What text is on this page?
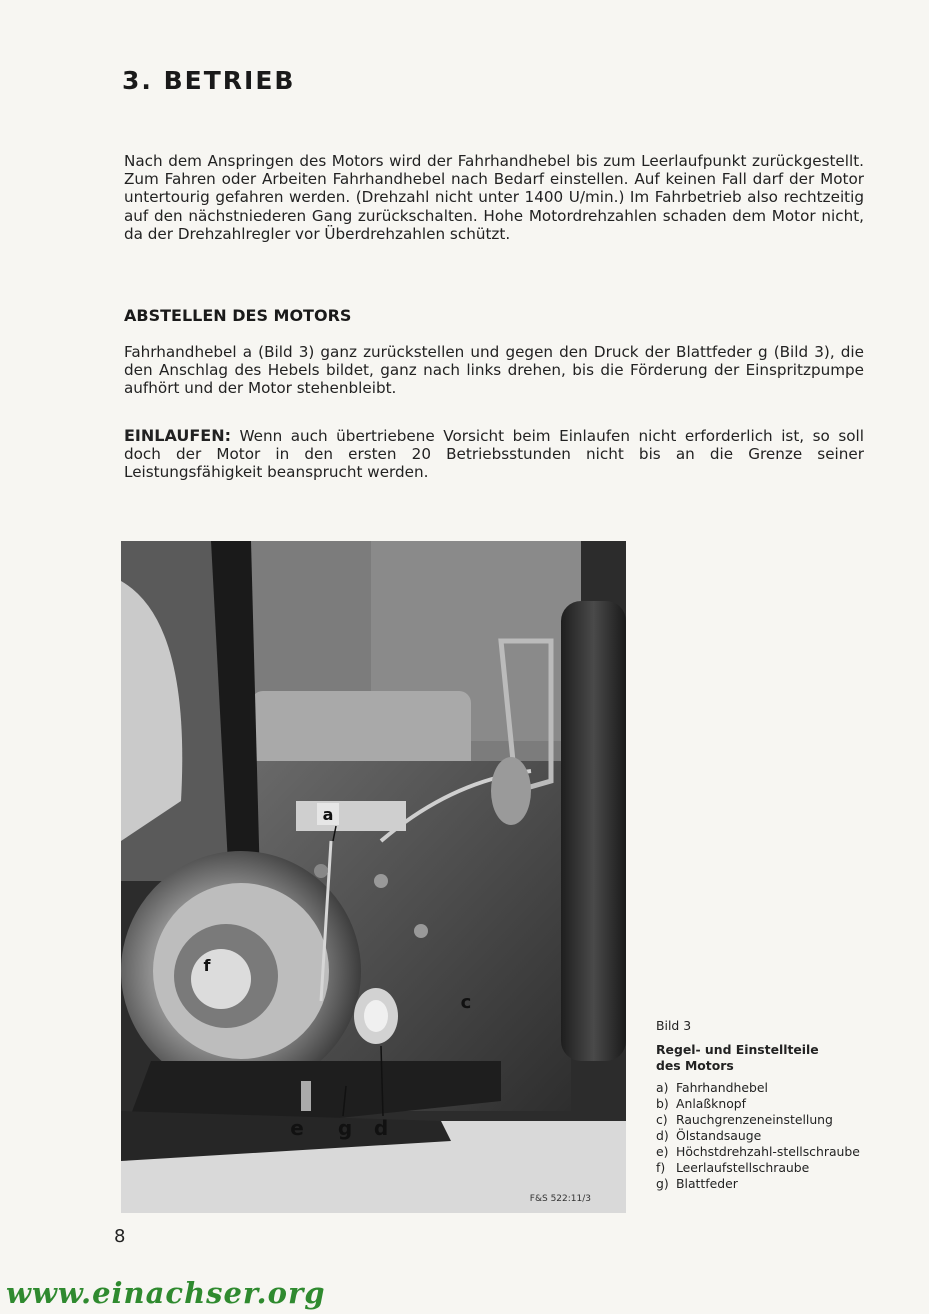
3. BETRIEB

Nach dem Anspringen des Motors wird der Fahrhandhebel bis zum Leerlaufpunkt zurückgestellt. Zum Fahren oder Arbeiten Fahrhandhebel nach Bedarf einstellen. Auf keinen Fall darf der Motor untertourig gefahren werden. (Drehzahl nicht unter 1400 U/min.) Im Fahrbetrieb also rechtzeitig auf den nächstniederen Gang zurückschalten. Hohe Motordrehzahlen schaden dem Motor nicht, da der Drehzahlregler vor Überdrehzahlen schützt.

ABSTELLEN DES MOTORS

Fahrhandhebel a (Bild 3) ganz zurückstellen und gegen den Druck der Blattfeder g (Bild 3), die den Anschlag des Hebels bildet, ganz nach links drehen, bis die Förderung der Einspritzpumpe aufhört und der Motor stehenbleibt.

EINLAUFEN: Wenn auch übertriebene Vorsicht beim Einlaufen nicht erforderlich ist, so soll doch der Motor in den ersten 20 Betriebsstunden nicht bis an die Grenze seiner Leistungsfähigkeit beansprucht werden.

a
c
d
e
f
g
F&S 522:11/3
Bild 3
Regel- und Einstellteile des Motors
a) Fahrhandhebel
b) Anlaßknopf
c) Rauchgrenzeneinstellung
d) Ölstandsauge
e) Höchstdrehzahl-stellschraube
f) Leerlaufstellschraube
g) Blattfeder
8
www.einachser.org
